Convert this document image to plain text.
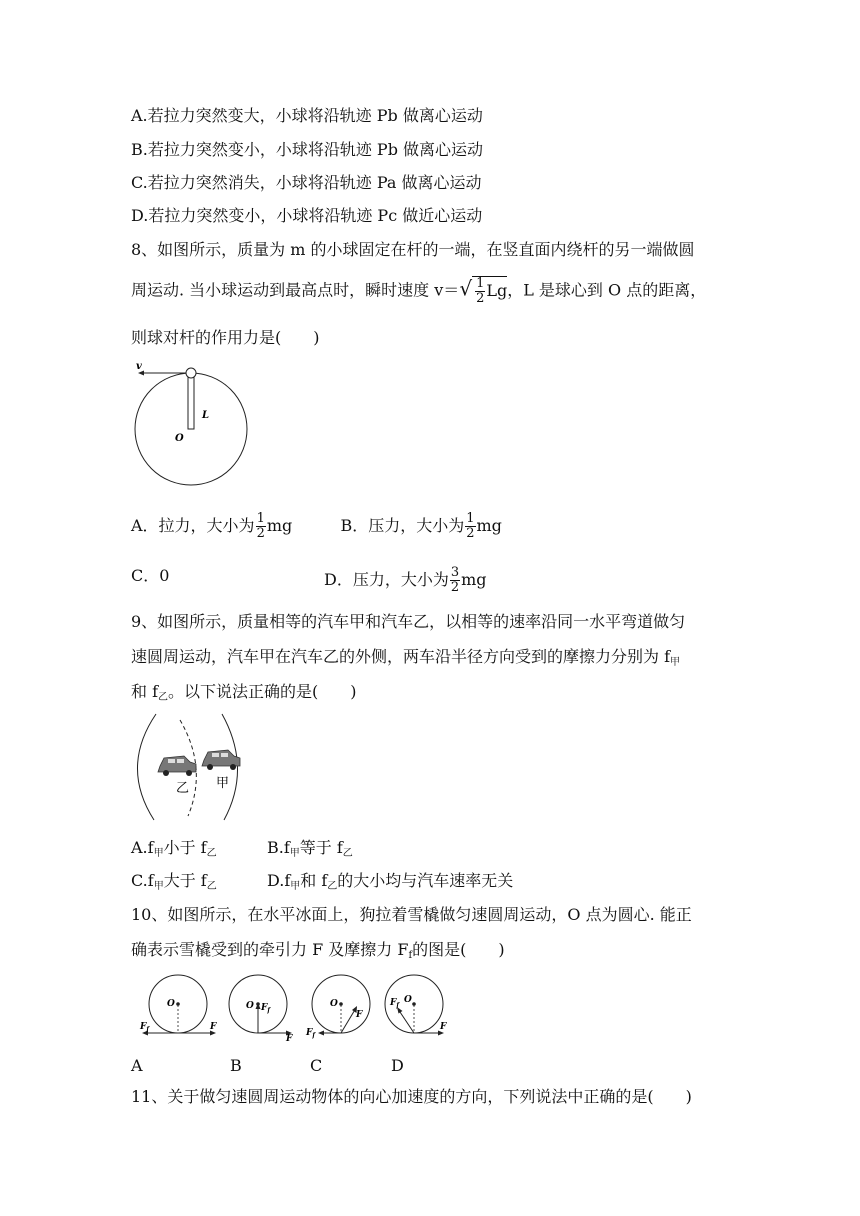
A.若拉力突然变大，小球将沿轨迹 Pb 做离心运动
B.若拉力突然变小，小球将沿轨迹 Pb 做离心运动
C.若拉力突然消失，小球将沿轨迹 Pa 做离心运动
D.若拉力突然变小，小球将沿轨迹 Pc 做近心运动
8、如图所示，质量为 m 的小球固定在杆的一端，在竖直面内绕杆的另一端做圆
周运动. 当小球运动到最高点时，瞬时速度 $v=√ \frac{1}{2}$ Lg，L 是球心到 O 点的距离，
则球对杆的作用力是(　　)
v
L
O
A．拉力，大小为 $\frac{1}{2}$ mg	B．压力，大小为 $\frac{1}{2}$ mg
C．0	D．压力，大小为 $\frac{3}{2}$ mg
9、如图所示，质量相等的汽车甲和汽车乙，以相等的速率沿同一水平弯道做匀
速圆周运动，汽车甲在汽车乙的外侧，两车沿半径方向受到的摩擦力分别为 $f_甲$
和 $f_乙$。以下说法正确的是(　　)
乙 甲
$A.f_甲$小于 $f_乙$	$B.f_甲$等于 $f_乙$
$C.f_甲$大于 $f_乙$	$D.f_甲$和 $f_乙$的大小均与汽车速率无关
10、如图所示，在水平冰面上，狗拉着雪橇做匀速圆周运动，O 点为圆心. 能正
确表示雪橇受到的牵引力 F 及摩擦力 $F_f$的图是(　　)
O
$F_f$	F
O $F_f$
F
O
F
$F_f$
O
$F_f$
F
A	B	C	D
11、关于做匀速圆周运动物体的向心加速度的方向，下列说法中正确的是(　　)
